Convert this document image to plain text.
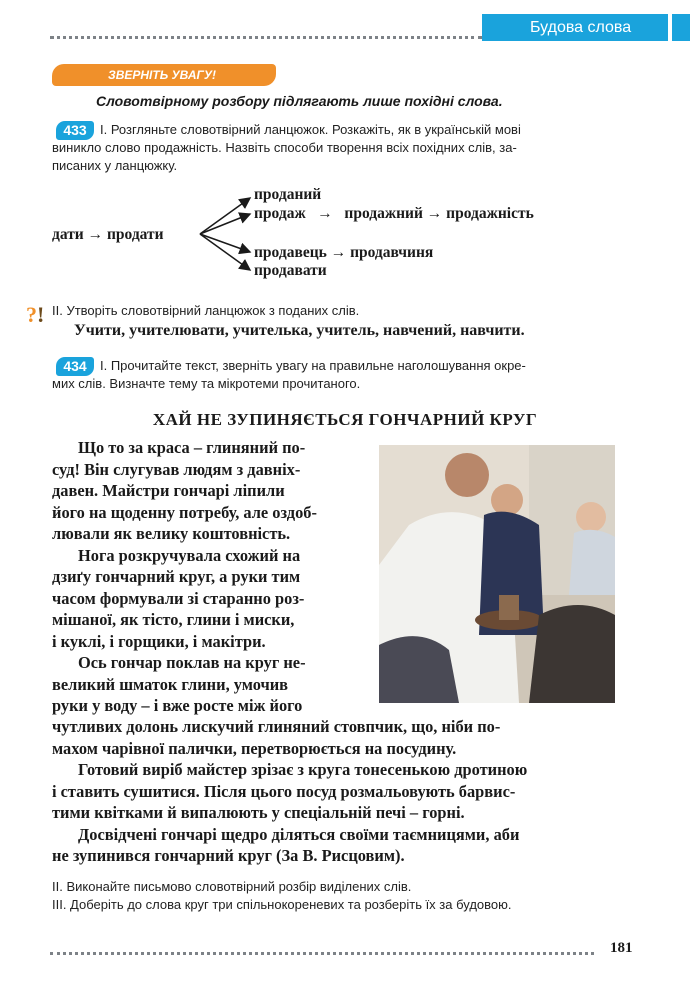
Будова слова
ЗВЕРНІТЬ УВАГУ!
Словотвірному розбору підлягають лише похідні слова.
433	I. Розгляньте словотвірний ланцюжок. Розкажіть, як в українській мові
виникло слово продажність. Назвіть способи творення всіх похідних слів, за-
писаних у ланцюжку.
дати → продати
проданий
продаж   →   продажний → продажність
продавець → продавчиня
продавати
?! II. Утворіть словотвірний ланцюжок з поданих слів.
Учити, учителювати, учителька, учитель, навчений, навчити.
434	I. Прочитайте текст, зверніть увагу на правильне наголошування окре-
мих слів. Визначте тему та мікротеми прочитаного.
ХАЙ НЕ ЗУПИНЯЄТЬСЯ ГОНЧАРНИЙ КРУГ

Що то за краса – глиняний по-

суд! Він слугував людям з давніх-

давен. Майстри гончарі ліпили

його на щоденну потребу, але оздоб-

лювали як велику коштовність.

Нога розкручувала схожий на

дзиґу гончарний круг, а руки тим

часом формували зі старанно роз-

мішаної, як тісто, глини і миски,

і куклі, і горщики, і макітри.

Ось гончар поклав на круг не-

великий шматок глини, умочив

руки у воду – і вже росте між його

чутливих долонь лискучий глиняний стовпчик, що, ніби по-

махом чарівної палички, перетворюється на посудину.

Готовий виріб майстер зрізає з круга тонесенькою дротиною

і ставить сушитися. Після цього посуд розмальовують барвис-

тими квітками й випалюють у спеціальній печі – горні.

Досвідчені гончарі щедро діляться своїми таємницями, аби

не зупинився гончарний круг (За В. Рисцовим).

II. Виконайте письмово словотвірний розбір виділених слів.
III. Доберіть до слова круг три спільнокореневих та розберіть їх за будовою.
181
